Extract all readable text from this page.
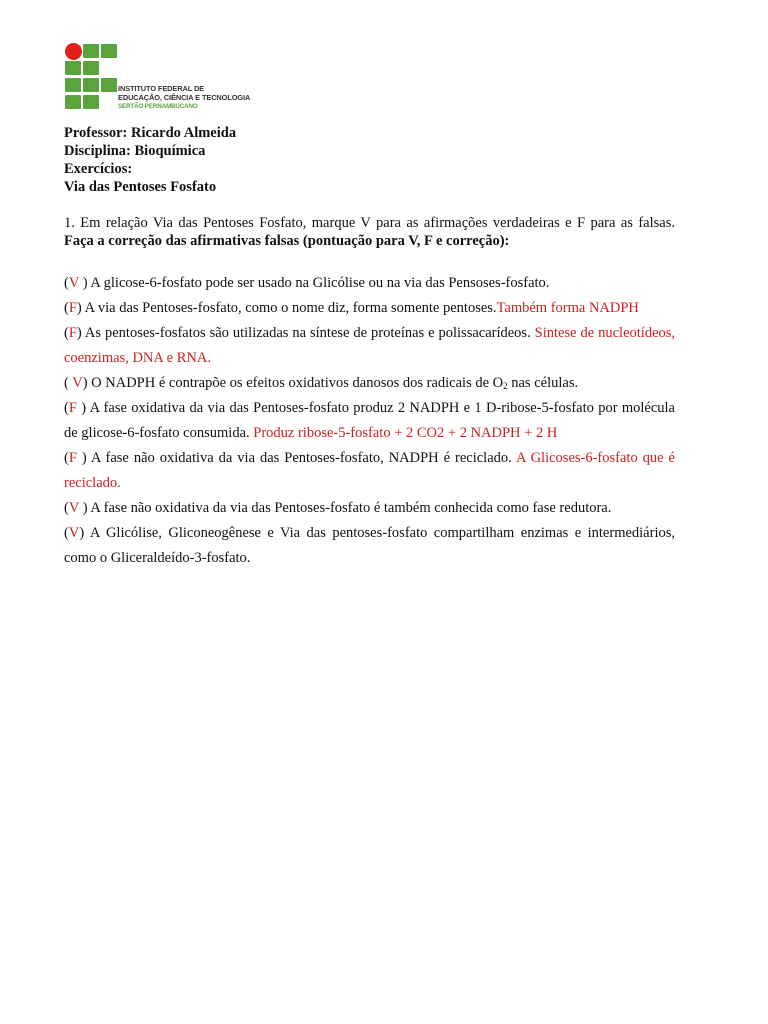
INSTITUTO FEDERAL DE
EDUCAÇÃO, CIÊNCIA E TECNOLOGIA
SERTÃO PERNAMBUCANO
Professor: Ricardo Almeida
Disciplina: Bioquímica
Exercícios:
Via das Pentoses Fosfato
1. Em relação Via das Pentoses Fosfato, marque V para as afirmações verdadeiras e F para as falsas. Faça a correção das afirmativas falsas (pontuação para V, F e correção):
(V ) A glicose-6-fosfato pode ser usado na Glicólise ou na via das Pensoses-fosfato.
(F) A via das Pentoses-fosfato, como o nome diz, forma somente pentoses.Também forma NADPH
(F) As pentoses-fosfatos são utilizadas na síntese de proteínas e polissacarídeos. Sintese de nucleotídeos, coenzimas, DNA e RNA.
( V) O NADPH é contrapõe os efeitos oxidativos danosos dos radicais de $O_2$ nas células.
(F ) A fase oxidativa da via das Pentoses-fosfato produz 2 NADPH e 1 D-ribose-5-fosfato por molécula de glicose-6-fosfato consumida. Produz ribose-5-fosfato + 2 CO2 + 2 NADPH + 2 H
(F ) A fase não oxidativa da via das Pentoses-fosfato, NADPH é reciclado. A Glicoses-6-fosfato que é reciclado.
(V ) A fase não oxidativa da via das Pentoses-fosfato é também conhecida como fase redutora.
(V) A Glicólise, Gliconeogênese e Via das pentoses-fosfato compartilham enzimas e intermediários, como o Gliceraldeído-3-fosfato.
